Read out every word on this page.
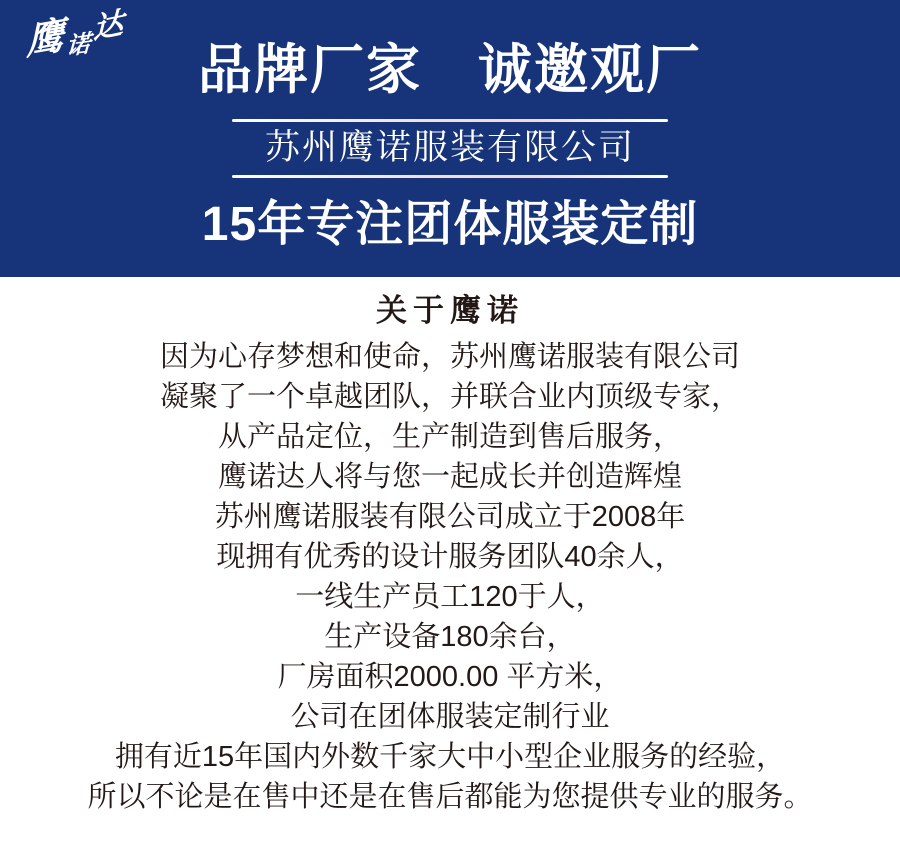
鹰 诺 达
品牌厂家　诚邀观厂
苏州鹰诺服装有限公司
15年专注团体服装定制
关于鹰诺

因为心存梦想和使命，苏州鹰诺服装有限公司

凝聚了一个卓越团队，并联合业内顶级专家，

从产品定位，生产制造到售后服务，

鹰诺达人将与您一起成长并创造辉煌

苏州鹰诺服装有限公司成立于2008年

现拥有优秀的设计服务团队40余人，

一线生产员工120于人，

生产设备180余台，

厂房面积2000.00 平方米，

公司在团体服装定制行业

拥有近15年国内外数千家大中小型企业服务的经验，

所以不论是在售中还是在售后都能为您提供专业的服务。
